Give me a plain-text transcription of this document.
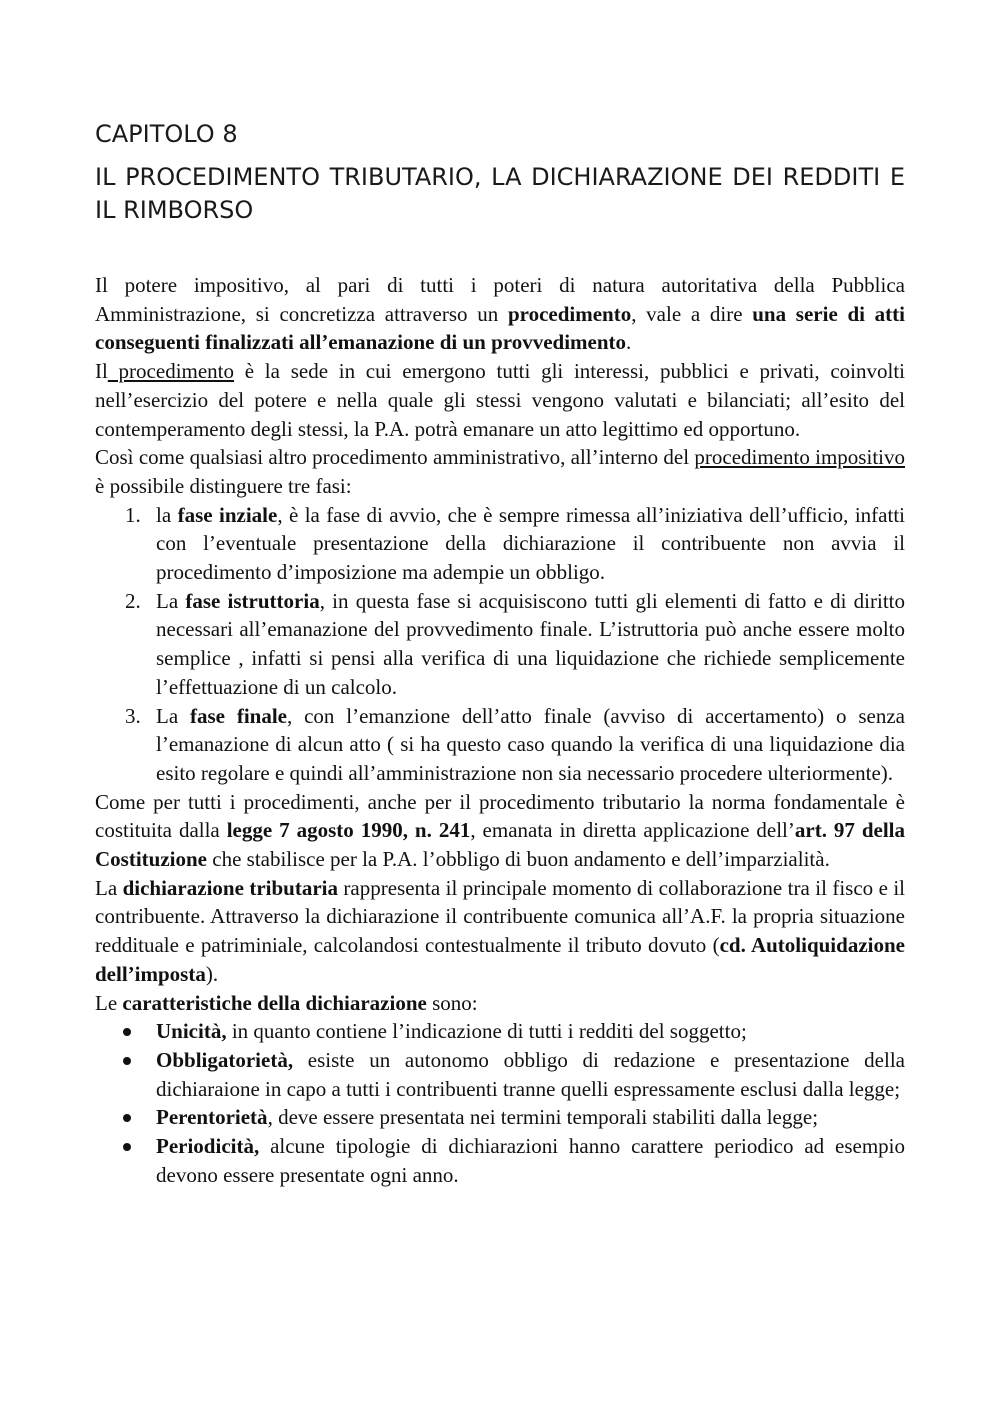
CAPITOLO 8
IL PROCEDIMENTO TRIBUTARIO, LA DICHIARAZIONE DEI REDDITI E IL RIMBORSO

Il potere impositivo, al pari di tutti i poteri di natura autoritativa della Pubblica Amministrazione, si concretizza attraverso un procedimento, vale a dire una serie di atti conseguenti finalizzati all’emanazione di un provvedimento.

Il procedimento è la sede in cui emergono tutti gli interessi, pubblici e privati, coinvolti nell’esercizio del potere e nella quale gli stessi vengono valutati e bilanciati; all’esito del contemperamento degli stessi, la P.A. potrà emanare un atto legittimo ed opportuno.

Così come qualsiasi altro procedimento amministrativo, all’interno del procedimento impositivo è possibile distinguere tre fasi:

1. la fase inziale, è la fase di avvio, che è sempre rimessa all’iniziativa dell’ufficio, infatti con l’eventuale presentazione della dichiarazione il contribuente non avvia il procedimento d’imposizione ma adempie un obbligo.
2. La fase istruttoria, in questa fase si acquisiscono tutti gli elementi di fatto e di diritto necessari all’emanazione del provvedimento finale. L’istruttoria può anche essere molto semplice , infatti si pensi alla verifica di una liquidazione che richiede semplicemente l’effettuazione di un calcolo.
3. La fase finale, con l’emanzione dell’atto finale (avviso di accertamento) o senza l’emanazione di alcun atto ( si ha questo caso quando la verifica di una liquidazione dia esito regolare e quindi all’amministrazione non sia necessario procedere ulteriormente).

Come per tutti i procedimenti, anche per il procedimento tributario la norma fondamentale è costituita dalla legge 7 agosto 1990, n. 241, emanata in diretta applicazione dell’art. 97 della Costituzione che stabilisce per la P.A. l’obbligo di buon andamento e dell’imparzialità.

La dichiarazione tributaria rappresenta il principale momento di collaborazione tra il fisco e il contribuente. Attraverso la dichiarazione il contribuente comunica all’A.F. la propria situazione reddituale e patriminiale, calcolandosi contestualmente il tributo dovuto (cd. Autoliquidazione dell’imposta).

Le caratteristiche della dichiarazione sono:

Unicità, in quanto contiene l’indicazione di tutti i redditi del soggetto;
Obbligatorietà, esiste un autonomo obbligo di redazione e presentazione della dichiaraione in capo a tutti i contribuenti tranne quelli espressamente esclusi dalla legge;
Perentorietà, deve essere presentata nei termini temporali stabiliti dalla legge;
Periodicità, alcune tipologie di dichiarazioni hanno carattere periodico ad esempio devono essere presentate ogni anno.
